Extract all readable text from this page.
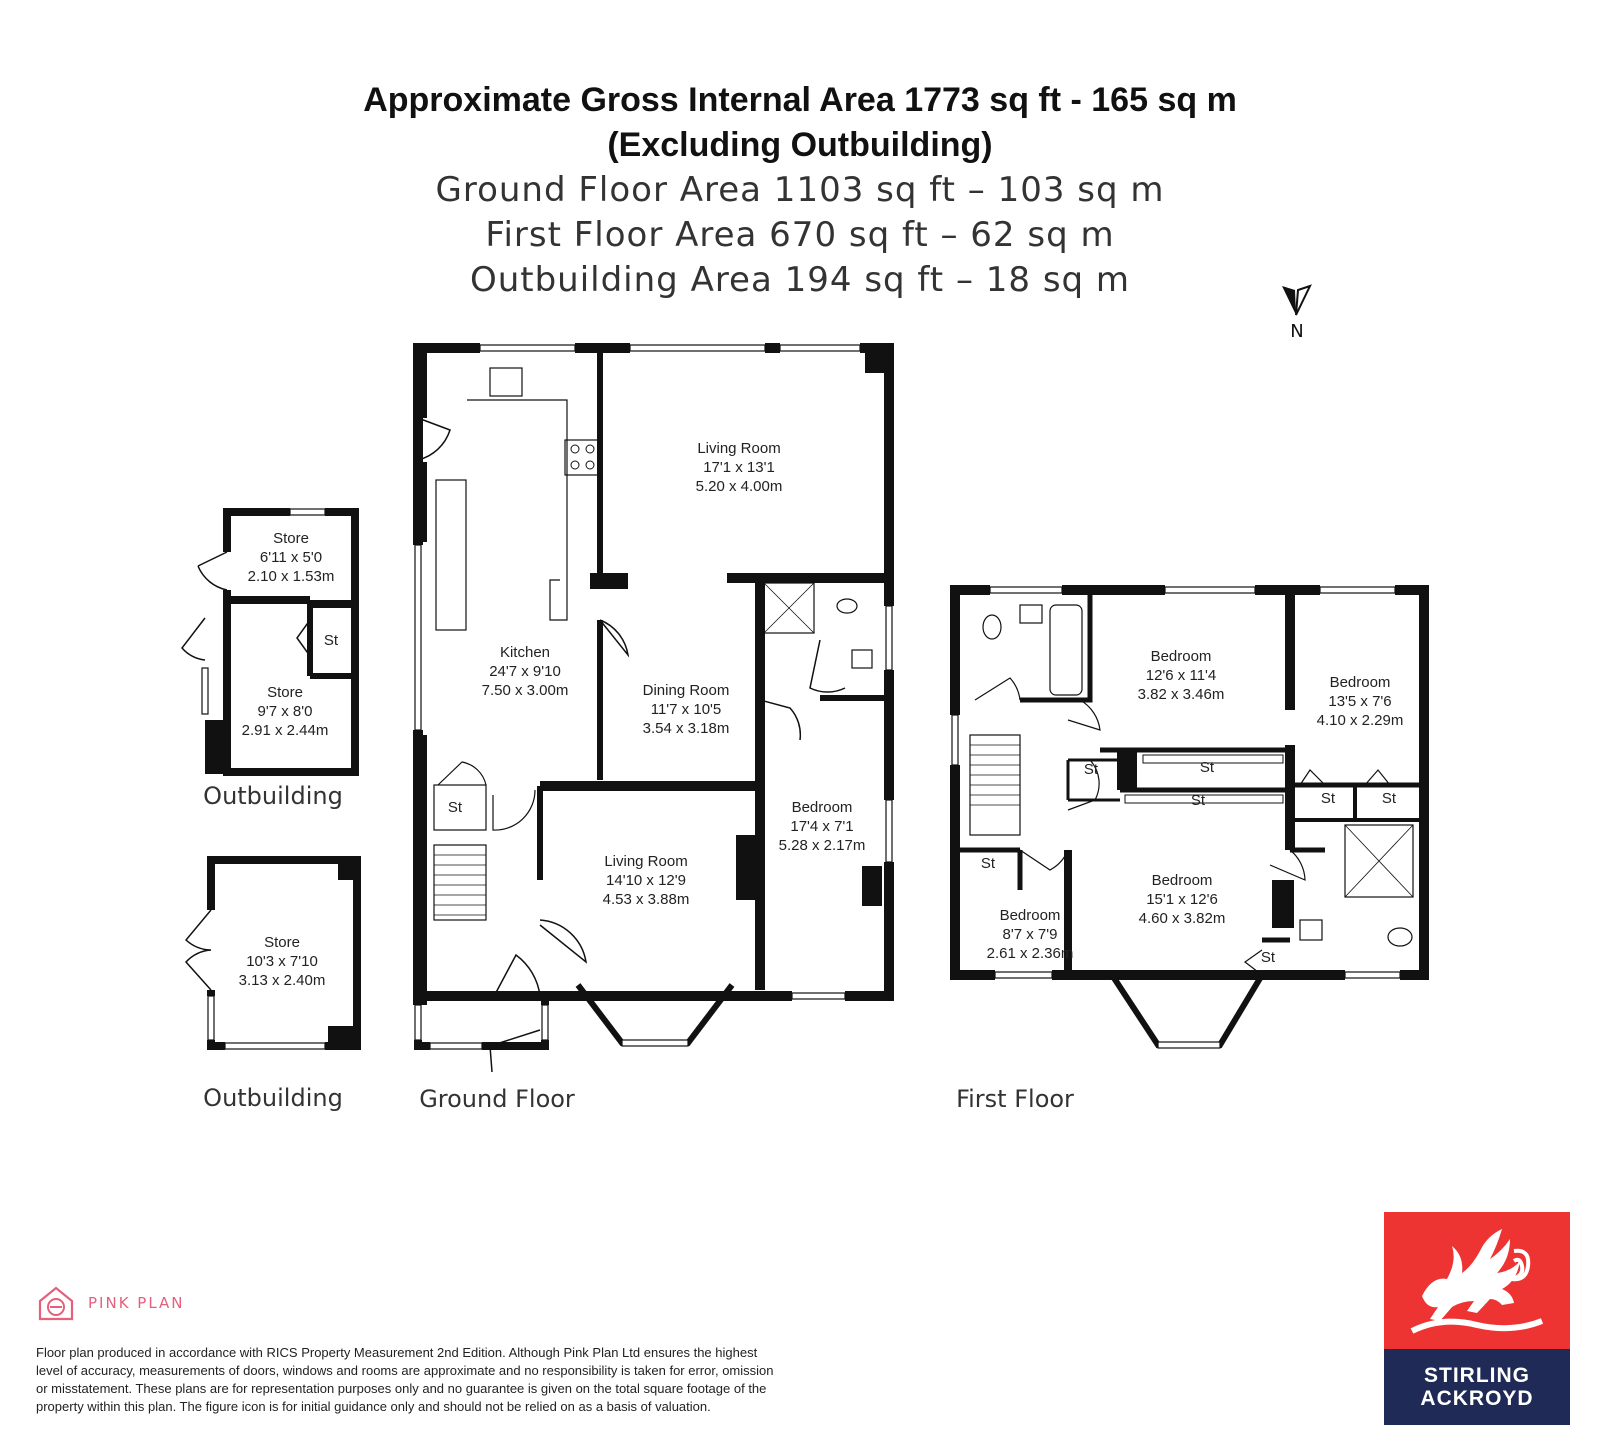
Approximate Gross Internal Area 1773 sq ft - 165 sq m
(Excluding Outbuilding)
Ground Floor Area 1103 sq ft – 103 sq m
First Floor Area 670 sq ft – 62 sq m
Outbuilding Area 194 sq ft – 18 sq m
N
Store
6'11 x 5'0
2.10 x 1.53m
St
Store
9'7 x 8'0
2.91 x 2.44m
Outbuilding
Store
10'3 x 7'10
3.13 x 2.40m
Outbuilding
Living Room
17'1 x 13'1
5.20 x 4.00m
Kitchen
24'7 x 9'10
7.50 x 3.00m	Dining Room
11'7 x 10'5
3.54 x 3.18m
Bedroom
17'4 x 7'1
5.28 x 2.17m
St
Living Room
14'10 x 12'9
4.53 x 3.88m
Ground Floor
Bedroom
12'6 x 11'4
3.82 x 3.46m
Bedroom
13'5 x 7'6
4.10 x 2.29m
St	St
St	St	St
St
Bedroom
15'1 x 12'6
4.60 x 3.82m
Bedroom
8'7 x 7'9
2.61 x 2.36m	St
First Floor
PINK PLAN
Floor plan produced in accordance with RICS Property Measurement 2nd Edition. Although Pink Plan Ltd ensures the highest
level of accuracy, measurements of doors, windows and rooms are approximate and no responsibility is taken for error, omission
or misstatement. These plans are for representation purposes only and no guarantee is given on the total square footage of the
property within this plan. The figure icon is for initial guidance only and should not be relied on as a basis of valuation.
STIRLING
ACKROYD
